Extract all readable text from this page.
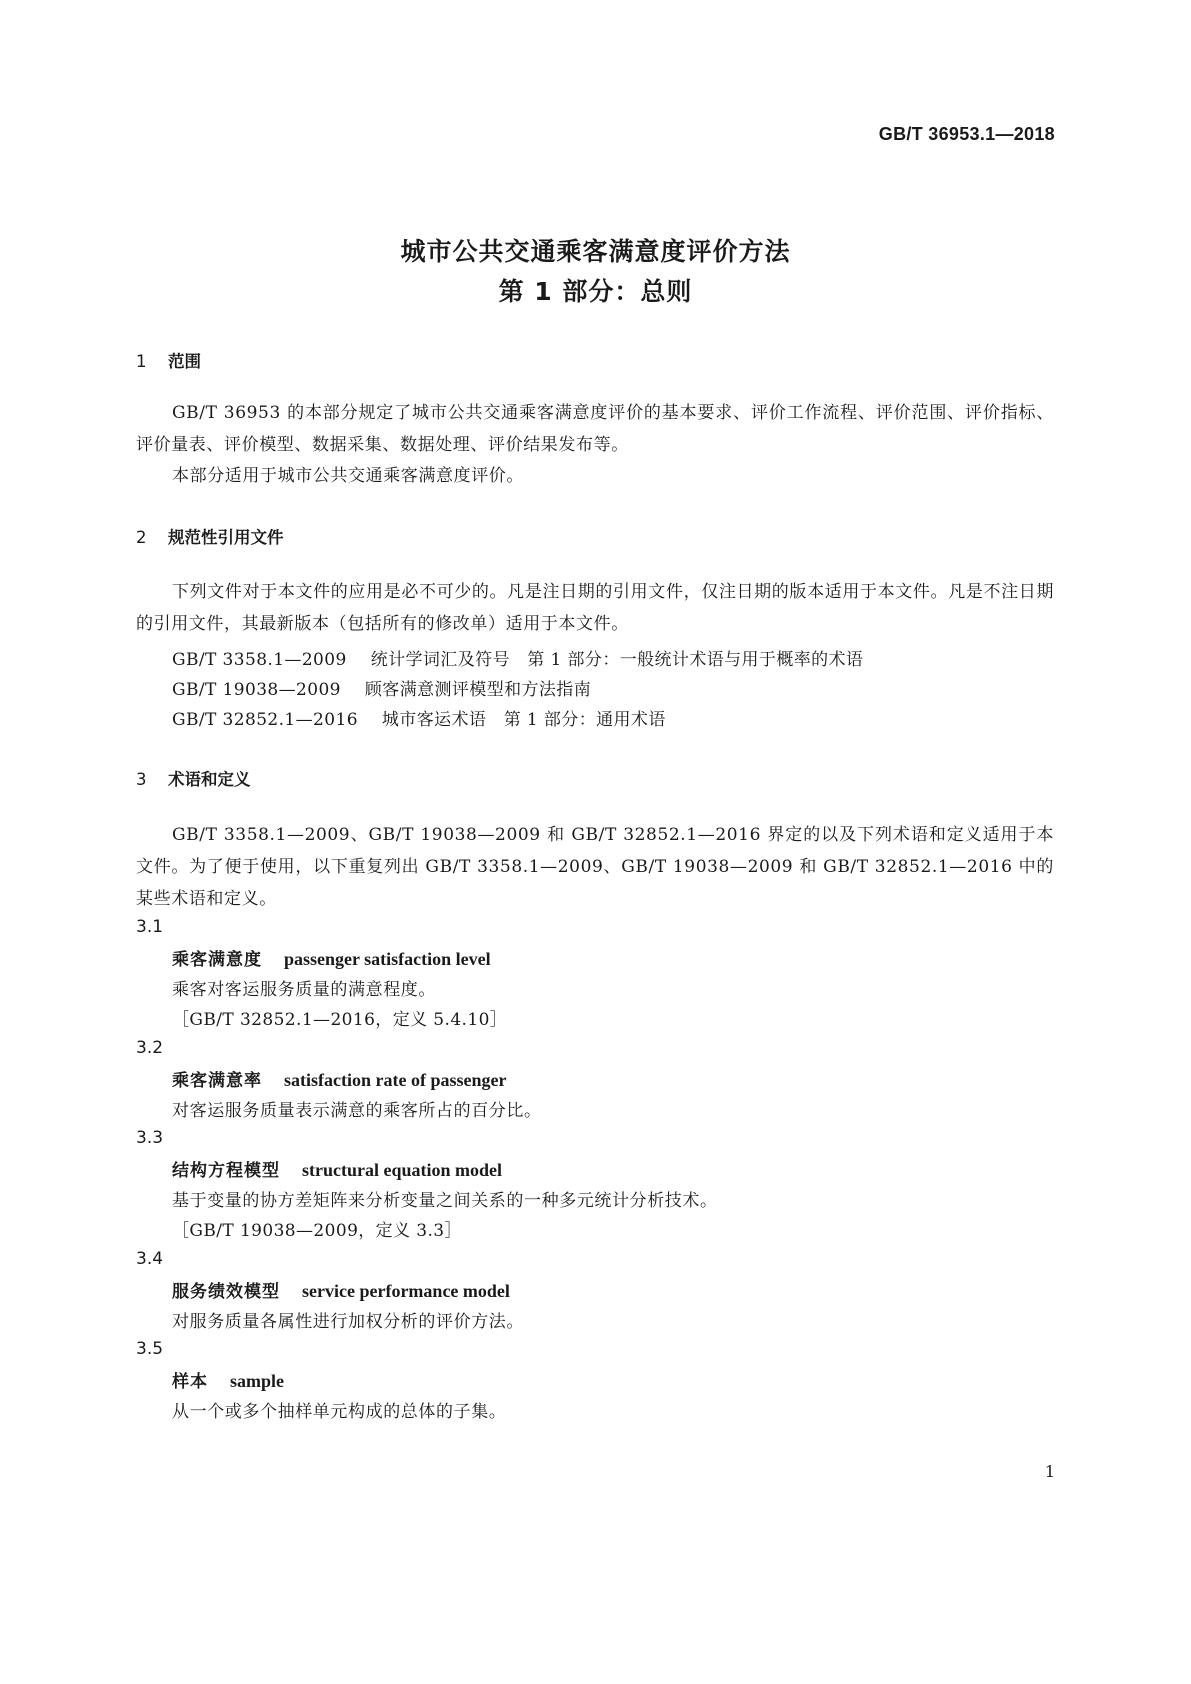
GB/T 36953.1—2018
城市公共交通乘客满意度评价方法
第 1 部分：总则
1 范围
GB/T 36953 的本部分规定了城市公共交通乘客满意度评价的基本要求、评价工作流程、评价范围、评价指标、评价量表、评价模型、数据采集、数据处理、评价结果发布等。
本部分适用于城市公共交通乘客满意度评价。
2 规范性引用文件
下列文件对于本文件的应用是必不可少的。凡是注日期的引用文件，仅注日期的版本适用于本文件。凡是不注日期的引用文件，其最新版本（包括所有的修改单）适用于本文件。
GB/T 3358.1—2009 统计学词汇及符号　第 1 部分：一般统计术语与用于概率的术语
GB/T 19038—2009 顾客满意测评模型和方法指南
GB/T 32852.1—2016 城市客运术语　第 1 部分：通用术语
3 术语和定义
GB/T 3358.1—2009、GB/T 19038—2009 和 GB/T 32852.1—2016 界定的以及下列术语和定义适用于本文件。为了便于使用，以下重复列出 GB/T 3358.1—2009、GB/T 19038—2009 和 GB/T 32852.1—2016 中的某些术语和定义。
3.1
乘客满意度 passenger satisfaction level
乘客对客运服务质量的满意程度。
［GB/T 32852.1—2016，定义 5.4.10］
3.2
乘客满意率 satisfaction rate of passenger
对客运服务质量表示满意的乘客所占的百分比。
3.3
结构方程模型 structural equation model
基于变量的协方差矩阵来分析变量之间关系的一种多元统计分析技术。
［GB/T 19038—2009，定义 3.3］
3.4
服务绩效模型 service performance model
对服务质量各属性进行加权分析的评价方法。
3.5
样本 sample
从一个或多个抽样单元构成的总体的子集。
1
